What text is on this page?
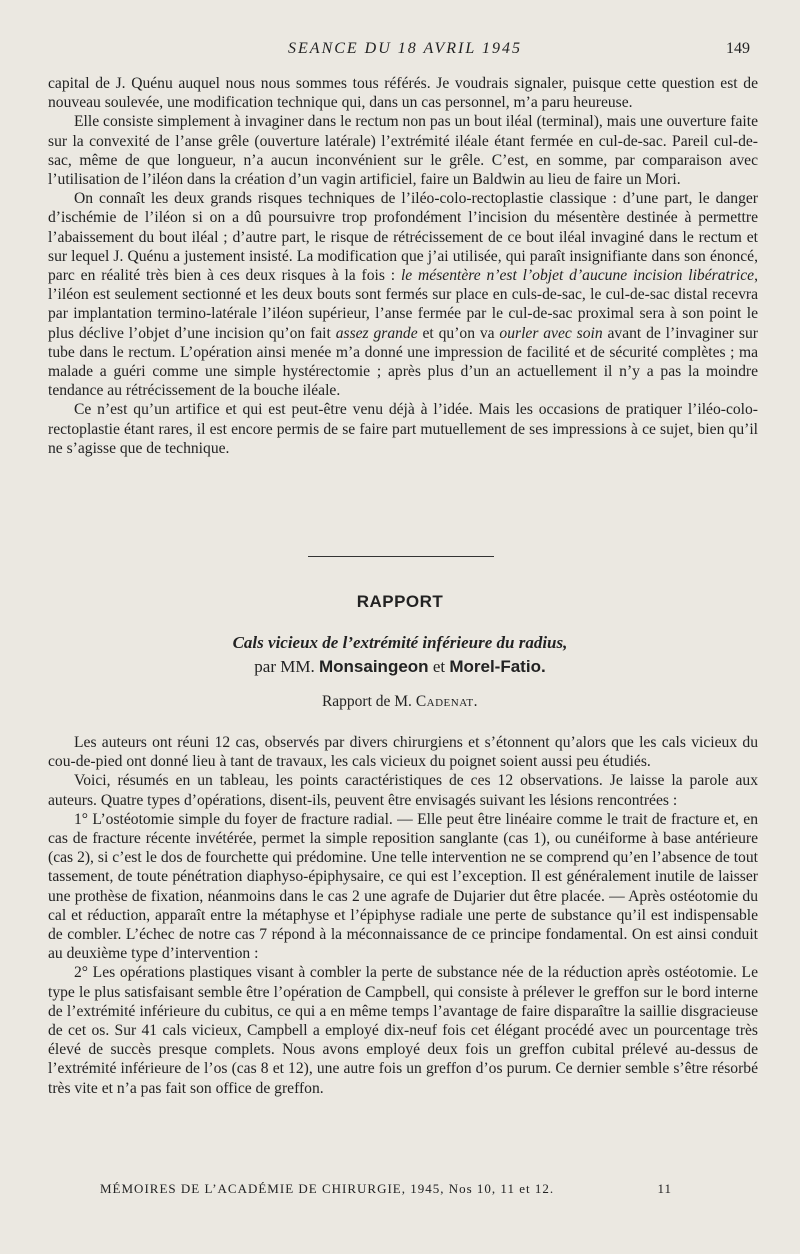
SEANCE DU 18 AVRIL 1945	149

capital de J. Quénu auquel nous nous sommes tous référés. Je voudrais signaler, puisque cette question est de nouveau soulevée, une modification technique qui, dans un cas personnel, m’a paru heureuse.

Elle consiste simplement à invaginer dans le rectum non pas un bout iléal (terminal), mais une ouverture faite sur la convexité de l’anse grêle (ouverture latérale) l’extrémité iléale étant fermée en cul-de-sac. Pareil cul-de-sac, même de que longueur, n’a aucun inconvénient sur le grêle. C’est, en somme, par comparaison avec l’utilisation de l’iléon dans la création d’un vagin artificiel, faire un Baldwin au lieu de faire un Mori.

On connaît les deux grands risques techniques de l’iléo-colo-rectoplastie classique : d’une part, le danger d’ischémie de l’iléon si on a dû poursuivre trop profondément l’incision du mésentère destinée à permettre l’abaissement du bout iléal ; d’autre part, le risque de rétrécissement de ce bout iléal invaginé dans le rectum et sur lequel J. Quénu a justement insisté. La modification que j’ai utilisée, qui paraît insignifiante dans son énoncé, parc en réalité très bien à ces deux risques à la fois : le mésentère n’est l’objet d’aucune incision libératrice, l’iléon est seulement sectionné et les deux bouts sont fermés sur place en culs-de-sac, le cul-de-sac distal recevra par implantation termino-latérale l’iléon supérieur, l’anse fermée par le cul-de-sac proximal sera à son point le plus déclive l’objet d’une incision qu’on fait assez grande et qu’on va ourler avec soin avant de l’invaginer sur tube dans le rectum. L’opération ainsi menée m’a donné une impression de facilité et de sécurité complètes ; ma malade a guéri comme une simple hystérectomie ; après plus d’un an actuellement il n’y a pas la moindre tendance au rétrécissement de la bouche iléale.

Ce n’est qu’un artifice et qui est peut-être venu déjà à l’idée. Mais les occasions de pratiquer l’iléo-colo-rectoplastie étant rares, il est encore permis de se faire part mutuellement de ses impressions à ce sujet, bien qu’il ne s’agisse que de technique.

RAPPORT
Cals vicieux de l’extrémité inférieure du radius,
par MM. Monsaingeon et Morel-Fatio.
Rapport de M. Cadenat.

Les auteurs ont réuni 12 cas, observés par divers chirurgiens et s’étonnent qu’alors que les cals vicieux du cou-de-pied ont donné lieu à tant de travaux, les cals vicieux du poignet soient aussi peu étudiés.

Voici, résumés en un tableau, les points caractéristiques de ces 12 observations. Je laisse la parole aux auteurs. Quatre types d’opérations, disent-ils, peuvent être envisagés suivant les lésions rencontrées :

1° L’ostéotomie simple du foyer de fracture radial. — Elle peut être linéaire comme le trait de fracture et, en cas de fracture récente invétérée, permet la simple reposition sanglante (cas 1), ou cunéiforme à base antérieure (cas 2), si c’est le dos de fourchette qui prédomine. Une telle intervention ne se comprend qu’en l’absence de tout tassement, de toute pénétration diaphyso-épiphysaire, ce qui est l’exception. Il est généralement inutile de laisser une prothèse de fixation, néanmoins dans le cas 2 une agrafe de Dujarier dut être placée. — Après ostéotomie du cal et réduction, apparaît entre la métaphyse et l’épiphyse radiale une perte de substance qu’il est indispensable de combler. L’échec de notre cas 7 répond à la méconnaissance de ce principe fondamental. On est ainsi conduit au deuxième type d’intervention :

2° Les opérations plastiques visant à combler la perte de substance née de la réduction après ostéotomie. Le type le plus satisfaisant semble être l’opération de Campbell, qui consiste à prélever le greffon sur le bord interne de l’extrémité inférieure du cubitus, ce qui a en même temps l’avantage de faire disparaître la saillie disgracieuse de cet os. Sur 41 cals vicieux, Campbell a employé dix-neuf fois cet élégant procédé avec un pourcentage très élevé de succès presque complets. Nous avons employé deux fois un greffon cubital prélevé au-dessus de l’extrémité inférieure de l’os (cas 8 et 12), une autre fois un greffon d’os purum. Ce dernier semble s’être résorbé très vite et n’a pas fait son office de greffon.

MÉMOIRES DE L’ACADÉMIE DE CHIRURGIE, 1945, Nos 10, 11 et 12.	11
